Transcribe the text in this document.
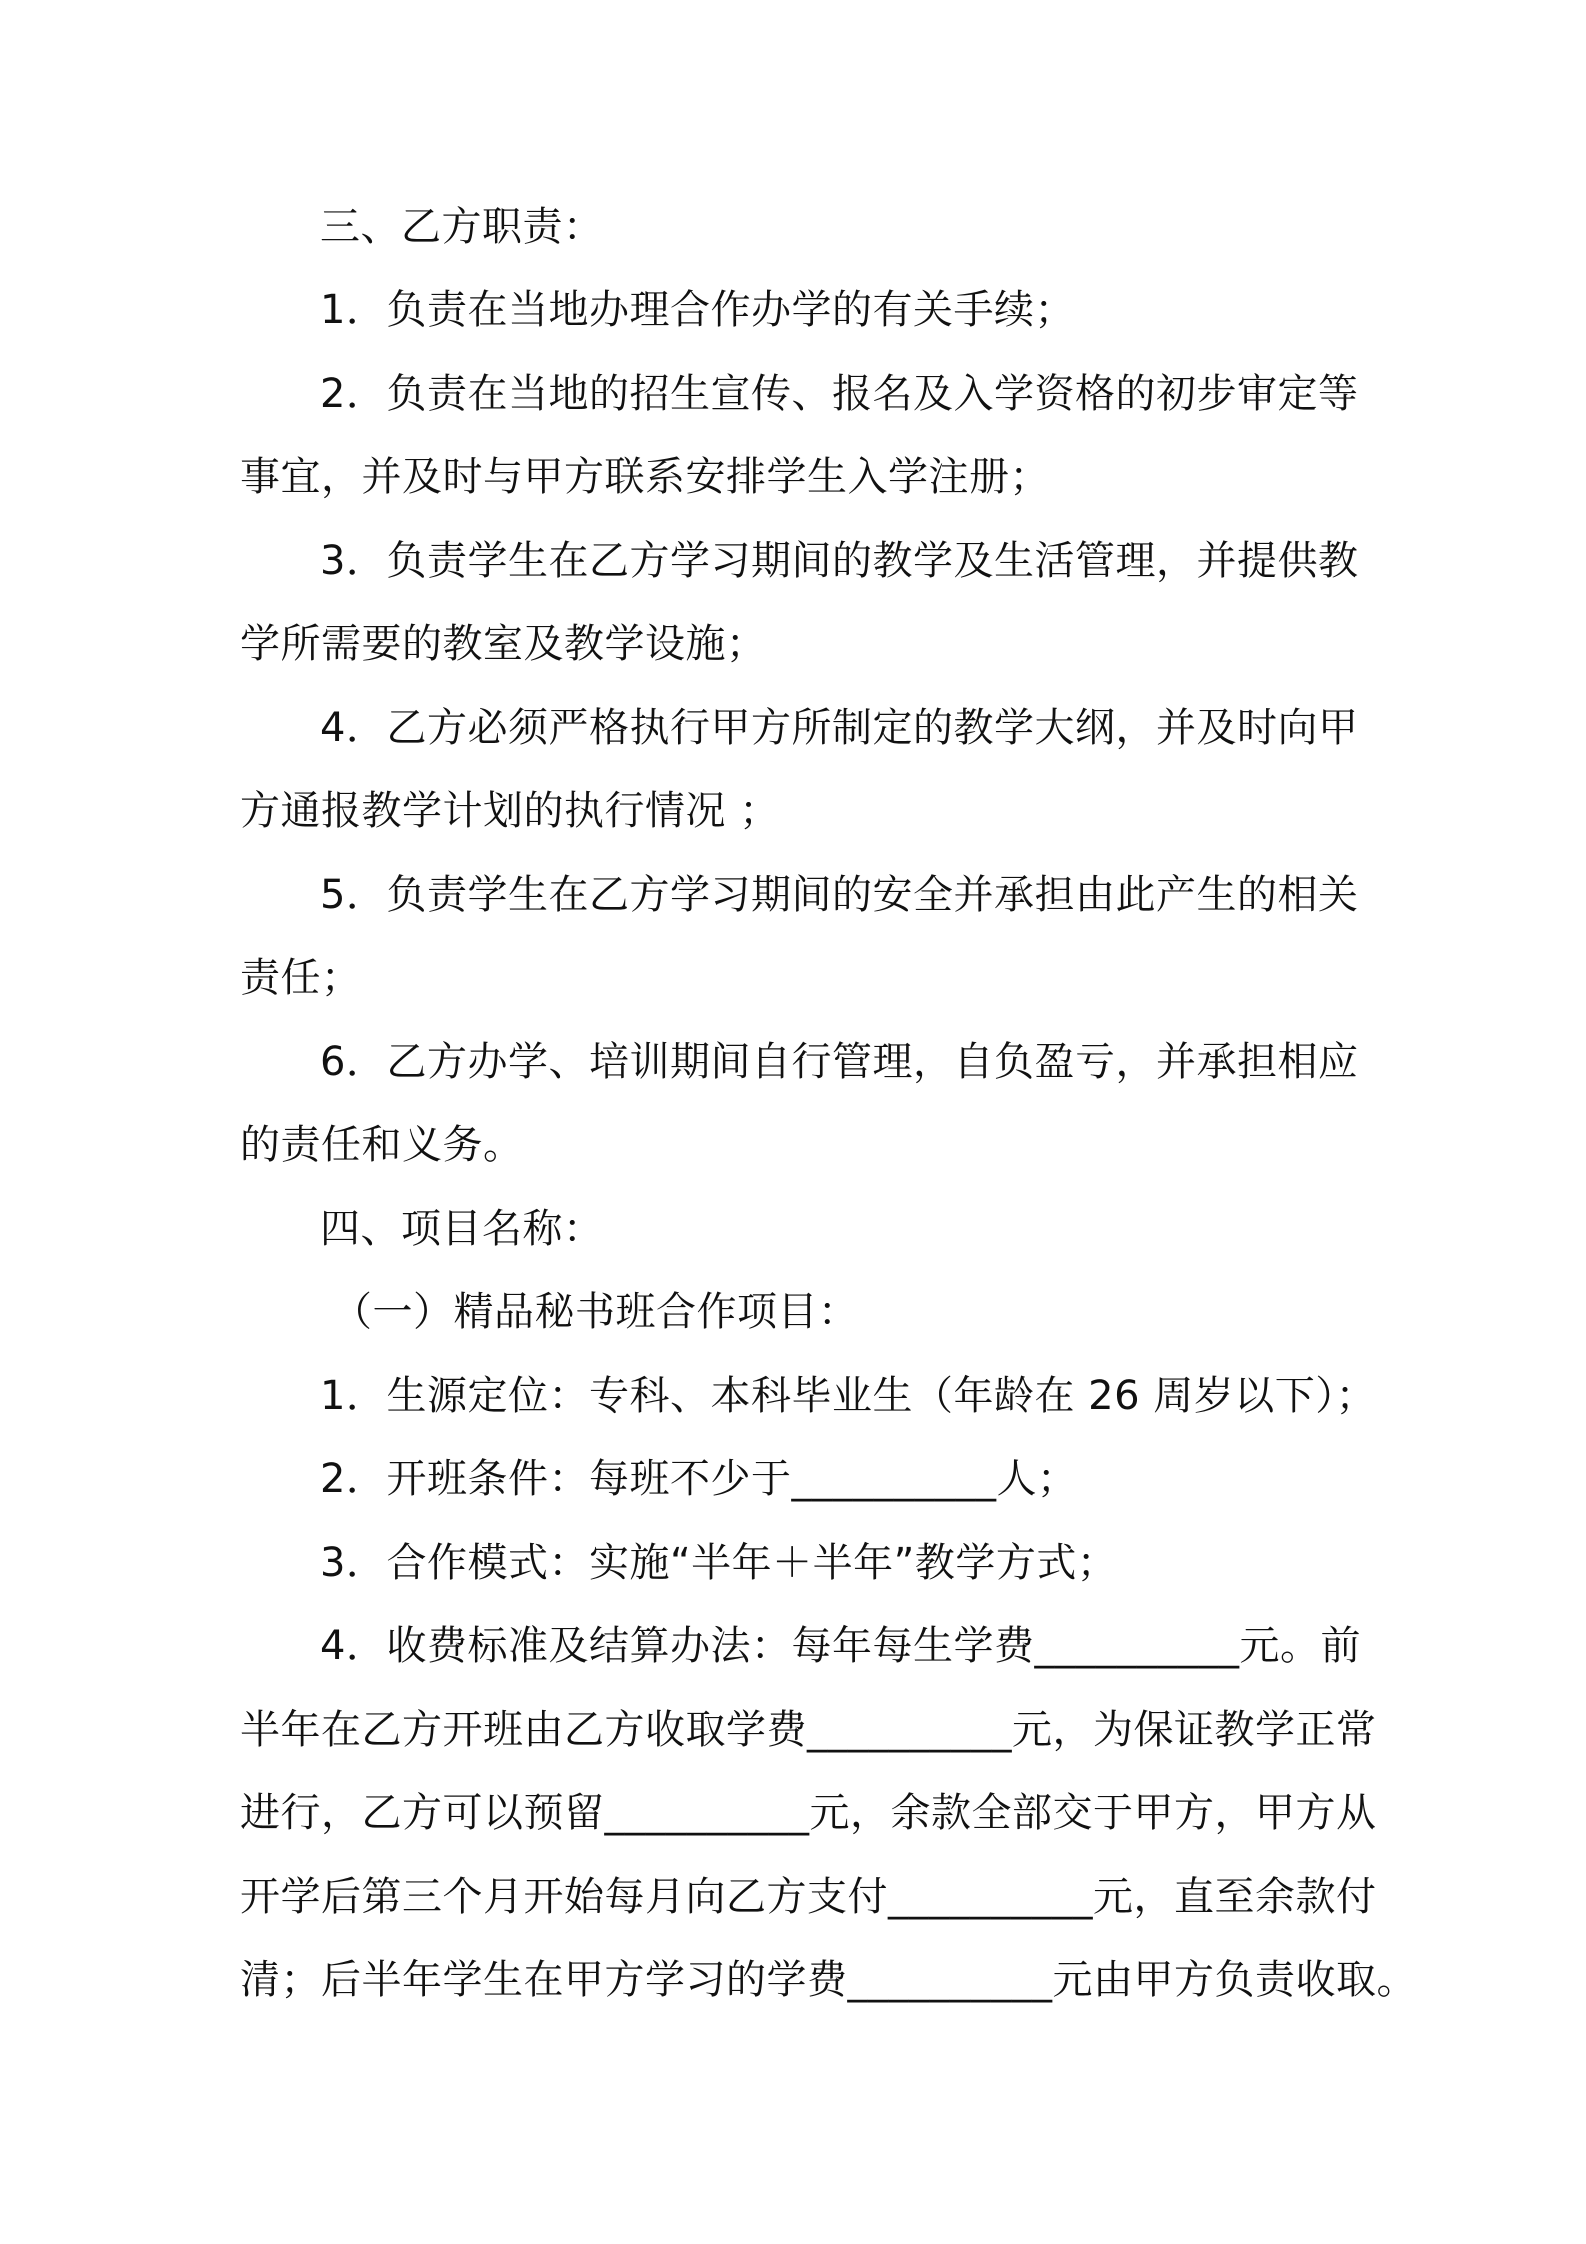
三、乙方职责：
1．负责在当地办理合作办学的有关手续；
2．负责在当地的招生宣传、报名及入学资格的初步审定等
事宜，并及时与甲方联系安排学生入学注册；
3．负责学生在乙方学习期间的教学及生活管理，并提供教
学所需要的教室及教学设施；
4．乙方必须严格执行甲方所制定的教学大纲，并及时向甲
方通报教学计划的执行情况 ；
5．负责学生在乙方学习期间的安全并承担由此产生的相关
责任；
6．乙方办学、培训期间自行管理，自负盈亏，并承担相应
的责任和义务。
四、项目名称：
（一）精品秘书班合作项目：
1．生源定位：专科、本科毕业生（年龄在 26 周岁以下）；
2．开班条件：每班不少于__________人；
3．合作模式：实施“半年＋半年”教学方式；
4．收费标准及结算办法：每年每生学费__________元。前
半年在乙方开班由乙方收取学费__________元，为保证教学正常
进行，乙方可以预留__________元，余款全部交于甲方，甲方从
开学后第三个月开始每月向乙方支付__________元，直至余款付
清；后半年学生在甲方学习的学费__________元由甲方负责收取。
